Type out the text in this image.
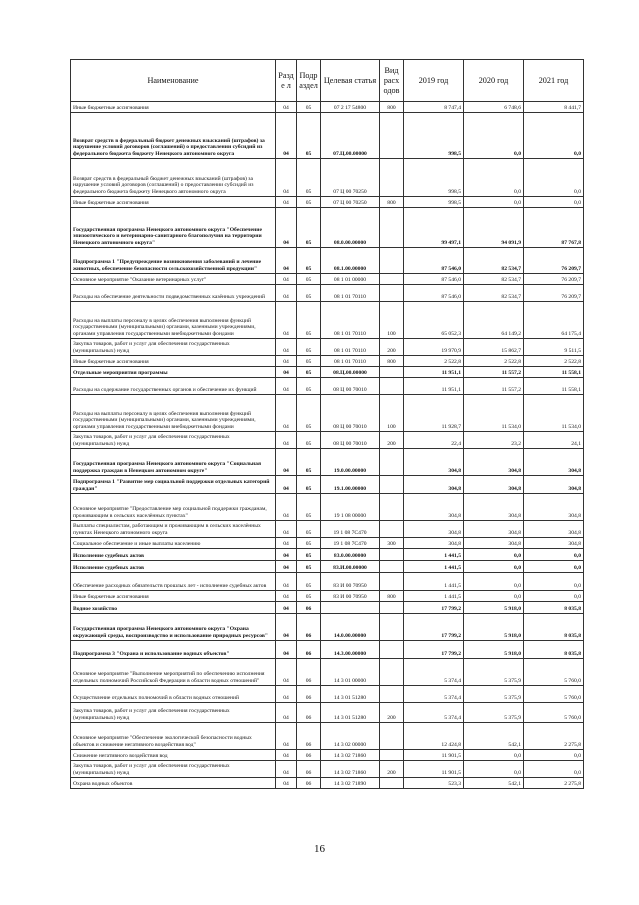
Наименование	Разде л	Подр аздел	Целевая статья	Вид расх одов	2019 год	2020 год	2021 год
Иные бюджетные ассигнования	04	05	07 2 17 54800	800	8 747,4	6 748,6	8 441,7
Возврат средств в федеральный бюджет денежных взысканий (штрафов) за нарушение условий договоров (соглашений) о предоставлении субсидий из федерального бюджета бюджету Ненецкого автономного округа	04	05	07.Ц.00.00000		998,5	0,0	0,0
Возврат средств в федеральный бюджет денежных взысканий (штрафов) за нарушение условий договоров (соглашений) о предоставлении субсидий из федерального бюджета бюджету Ненецкого автономного округа	04	05	07 Ц 00 70250		998,5	0,0	0,0
Иные бюджетные ассигнования	04	05	07 Ц 00 70250	800	998,5	0,0	0,0
Государственная программа Ненецкого автономного округа "Обеспечение эпизоотического и ветеринарно-санитарного благополучия на территории Ненецкого автономного округа"	04	05	08.0.00.00000		99 497,1	94 091,9	87 767,8
Подпрограмма 1 "Предупреждение возникновения заболеваний и лечение животных, обеспечение безопасности сельскохозяйственной продукции"	04	05	08.1.00.00000		87 546,0	82 534,7	76 209,7
Основное мероприятие "Оказание ветеринарных услуг"	04	05	08 1 01 00000		87 546,0	82 534,7	76 209,7
Расходы на обеспечение деятельности подведомственных казённых учреждений	04	05	08 1 01 70110		87 546,0	82 534,7	76 209,7
Расходы на выплаты персоналу в целях обеспечения выполнения функций государственными (муниципальными) органами, казенными учреждениями, органами управления государственными внебюджетными фондами	04	05	08 1 01 70110	100	65 052,3	64 149,2	64 175,4
Закупка товаров, работ и услуг для обеспечения государственных (муниципальных) нужд	04	05	08 1 01 70110	200	19 970,9	15 862,7	9 511,5
Иные бюджетные ассигнования	04	05	08 1 01 70110	800	2 522,8	2 522,8	2 522,8
Отдельные мероприятия программы	04	05	08.Ц.00.00000		11 951,1	11 557,2	11 558,1
Расходы на содержание государственных органов и обеспечение их функций	04	05	08 Ц 00 70010		11 951,1	11 557,2	11 558,1
Расходы на выплаты персоналу в целях обеспечения выполнения функций государственными (муниципальными) органами, казенными учреждениями, органами управления государственными внебюджетными фондами	04	05	08 Ц 00 70010	100	11 928,7	11 534,0	11 534,0
Закупка товаров, работ и услуг для обеспечения государственных (муниципальных) нужд	04	05	08 Ц 00 70010	200	22,4	23,2	24,1
Государственная программа Ненецкого автономного округа "Социальная поддержка граждан в Ненецком автономном округе"	04	05	19.0.00.00000		304,8	304,8	304,8
Подпрограмма 1 "Развитие мер социальной поддержки отдельных категорий граждан"	04	05	19.1.00.00000		304,8	304,8	304,8
Основное мероприятие "Предоставление мер социальной поддержки гражданам, проживающим в сельских населённых пунктах"	04	05	19 1 08 00000		304,8	304,8	304,8
Выплаты специалистам, работающим и проживающим в сельских населённых пунктах Ненецкого автономного округа	04	05	19 1 08 7С470		304,8	304,8	304,8
Социальное обеспечение и иные выплаты населению	04	05	19 1 08 7С470	300	304,8	304,8	304,8
Исполнение судебных актов	04	05	83.0.00.00000		1 441,5	0,0	0,0
Исполнение судебных актов	04	05	83.И.00.00000		1 441,5	0,0	0,0
Обеспечение расходных обязательств прошлых лет - исполнение судебных актов	04	05	83 И 00 70950		1 441,5	0,0	0,0
Иные бюджетные ассигнования	04	05	83 И 00 70950	800	1 441,5	0,0	0,0
Водное хозяйство	04	06			17 799,2	5 918,0	8 035,8
Государственная программа Ненецкого автономного округа "Охрана окружающей среды, воспроизводство и использование природных ресурсов"	04	06	14.0.00.00000		17 799,2	5 918,0	8 035,8
Подпрограмма 3 "Охрана и использование водных объектов"	04	06	14.3.00.00000		17 799,2	5 918,0	8 035,8
Основное мероприятие "Выполнение мероприятий по обеспечению исполнения отдельных полномочий Российской Федерации в области водных отношений"	04	06	14 3 01 00000		5 374,4	5 375,9	5 760,0
Осуществление отдельных полномочий в области водных отношений	04	06	14 3 01 51280		5 374,4	5 375,9	5 760,0
Закупка товаров, работ и услуг для обеспечения государственных (муниципальных) нужд	04	06	14 3 01 51280	200	5 374,4	5 375,9	5 760,0
Основное мероприятие "Обеспечение экологической безопасности водных объектов и снижение негативного воздействия вод"	04	06	14 3 02 00000		12 424,8	542,1	2 275,8
Снижение негативного воздействия вод	04	06	14 3 02 71860		11 901,5	0,0	0,0
Закупка товаров, работ и услуг для обеспечения государственных (муниципальных) нужд	04	06	14 3 02 71860	200	11 901,5	0,0	0,0
Охрана водных объектов	04	06	14 3 02 71890		523,3	542,1	2 275,8
16
